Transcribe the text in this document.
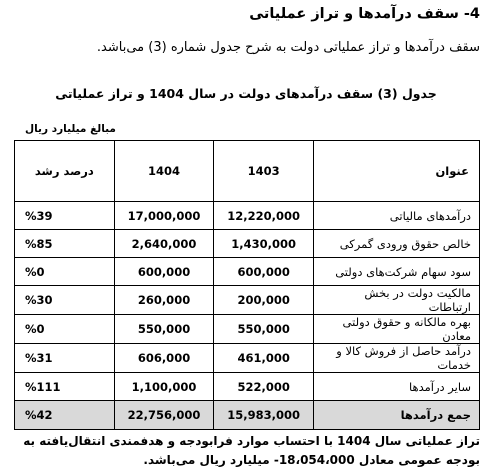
4- سقف درآمدها و تراز عملیاتی
سقف درآمدها و تراز عملیاتی دولت به شرح جدول شماره (3) می‌باشد.
جدول (3) سقف درآمدهای دولت در سال 1404 و تراز عملیاتی
مبالغ میلیارد ریال
عنوان	1403	1404	درصد رشد
درآمدهای مالیاتی	12,220,000	17,000,000	%39
خالص حقوق ورودی گمرکی	1,430,000	2,640,000	%85
سود سهام شرکت‌های دولتی	600,000	600,000	%0
مالکیت دولت در بخش ارتباطات	200,000	260,000	%30
بهره مالکانه و حقوق دولتی معادن	550,000	550,000	%0
درآمد حاصل از فروش کالا و خدمات	461,000	606,000	%31
سایر درآمدها	522,000	1,100,000	%111
جمع درآمدها	15,983,000	22,756,000	%42
تراز عملیاتی سال 1404 با احتساب موارد فرابودجه و هدفمندی انتقال‌یافته به بودجه عمومی معادل 18،054،000- میلیارد ریال می‌باشد.
